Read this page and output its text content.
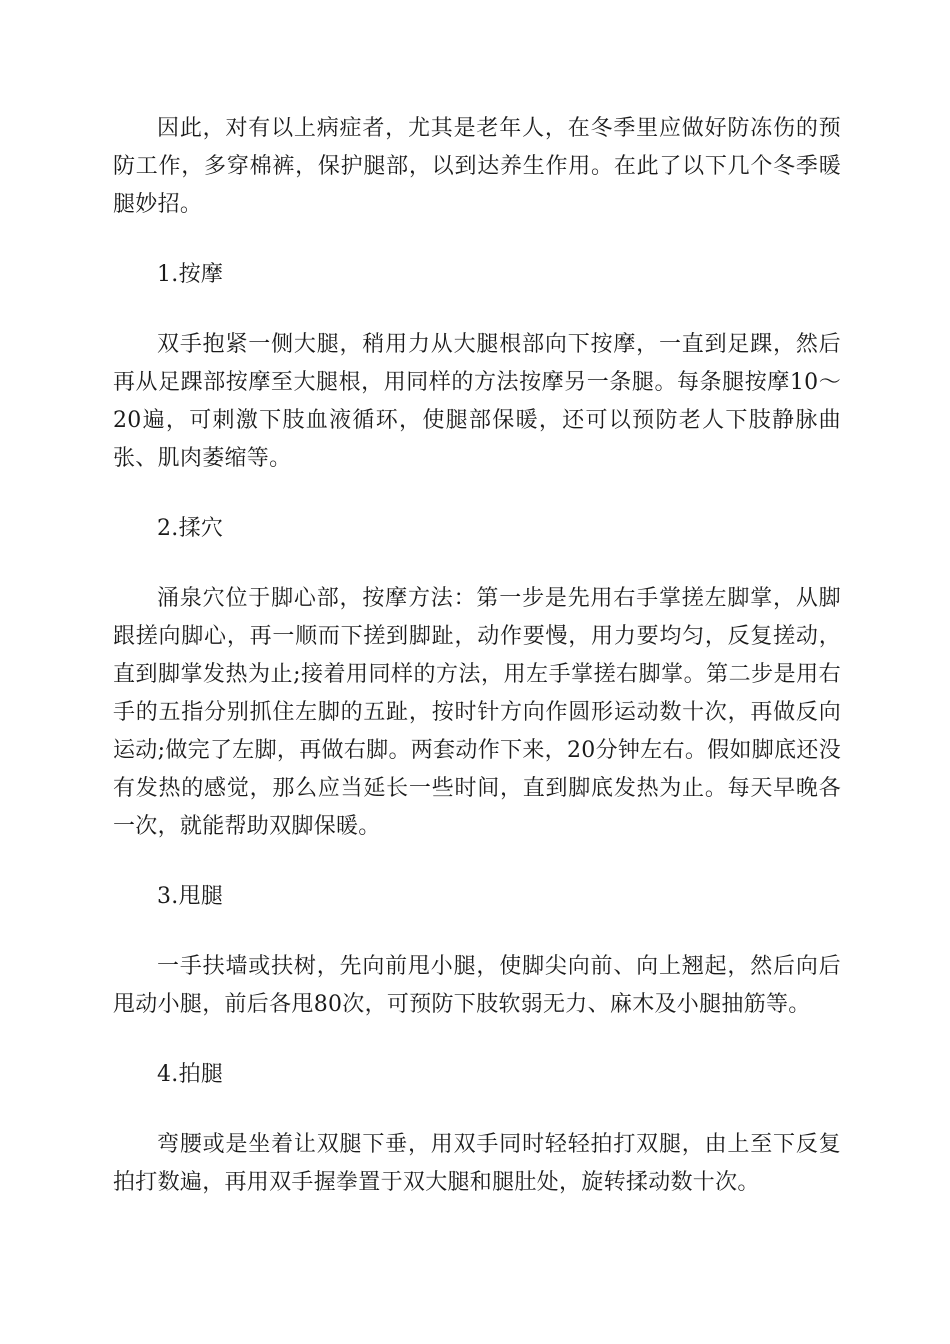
因此，对有以上病症者，尤其是老年人，在冬季里应做好防冻伤的预防工作，多穿棉裤，保护腿部，以到达养生作用。在此了以下几个冬季暖腿妙招。

1.按摩

双手抱紧一侧大腿，稍用力从大腿根部向下按摩，一直到足踝，然后再从足踝部按摩至大腿根，用同样的方法按摩另一条腿。每条腿按摩10～20遍，可刺激下肢血液循环，使腿部保暖，还可以预防老人下肢静脉曲张、肌肉萎缩等。

2.揉穴

涌泉穴位于脚心部，按摩方法：第一步是先用右手掌搓左脚掌，从脚跟搓向脚心，再一顺而下搓到脚趾，动作要慢，用力要均匀，反复搓动，直到脚掌发热为止;接着用同样的方法，用左手掌搓右脚掌。第二步是用右手的五指分别抓住左脚的五趾，按时针方向作圆形运动数十次，再做反向运动;做完了左脚，再做右脚。两套动作下来，20分钟左右。假如脚底还没有发热的感觉，那么应当延长一些时间，直到脚底发热为止。每天早晚各一次，就能帮助双脚保暖。

3.甩腿

一手扶墙或扶树，先向前甩小腿，使脚尖向前、向上翘起，然后向后甩动小腿，前后各甩80次，可预防下肢软弱无力、麻木及小腿抽筋等。

4.拍腿

弯腰或是坐着让双腿下垂，用双手同时轻轻拍打双腿，由上至下反复拍打数遍，再用双手握拳置于双大腿和腿肚处，旋转揉动数十次。
